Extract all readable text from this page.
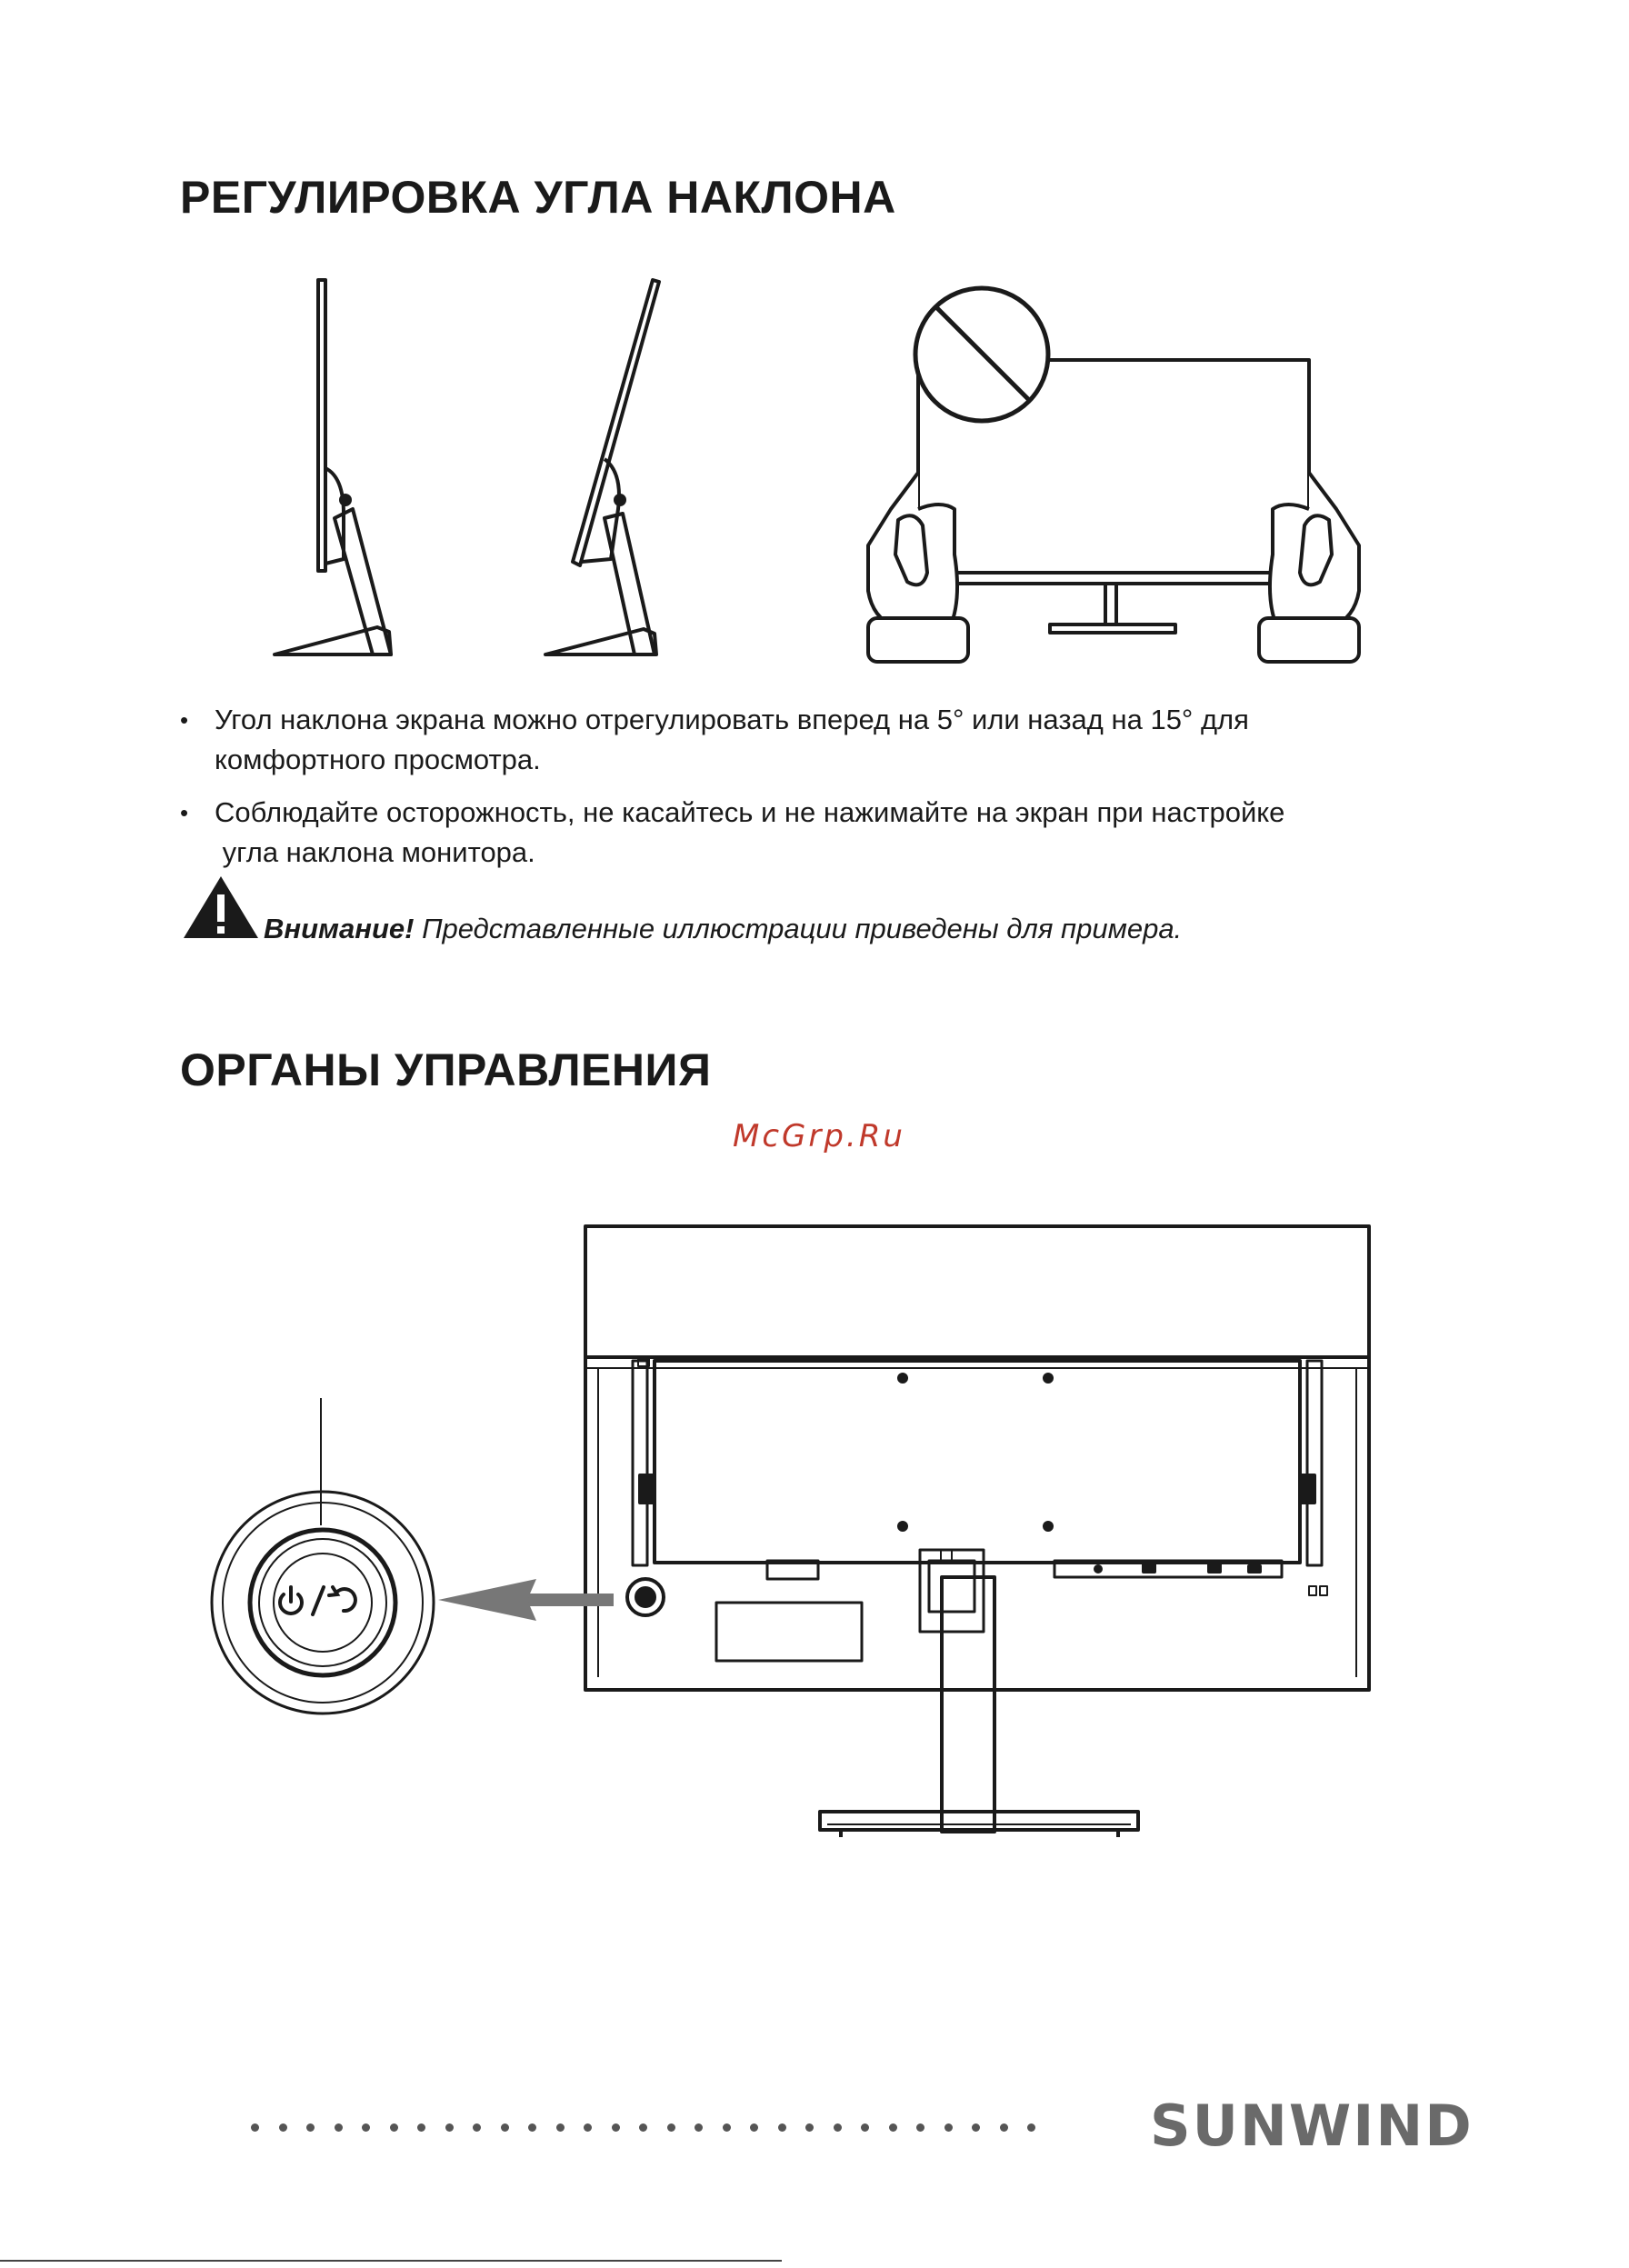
РЕГУЛИРОВКА УГЛА НАКЛОНА
• Угол наклона экрана можно отрегулировать вперед на 5° или назад на 15° для
комфортного просмотра.
• Соблюдайте осторожность, не касайтесь и не нажимайте на экран при настройке
угла наклона монитора.
Внимание! Представленные иллюстрации приведены для примера.
ОРГАНЫ УПРАВЛЕНИЯ
McGrp.Ru
SUNWIND
